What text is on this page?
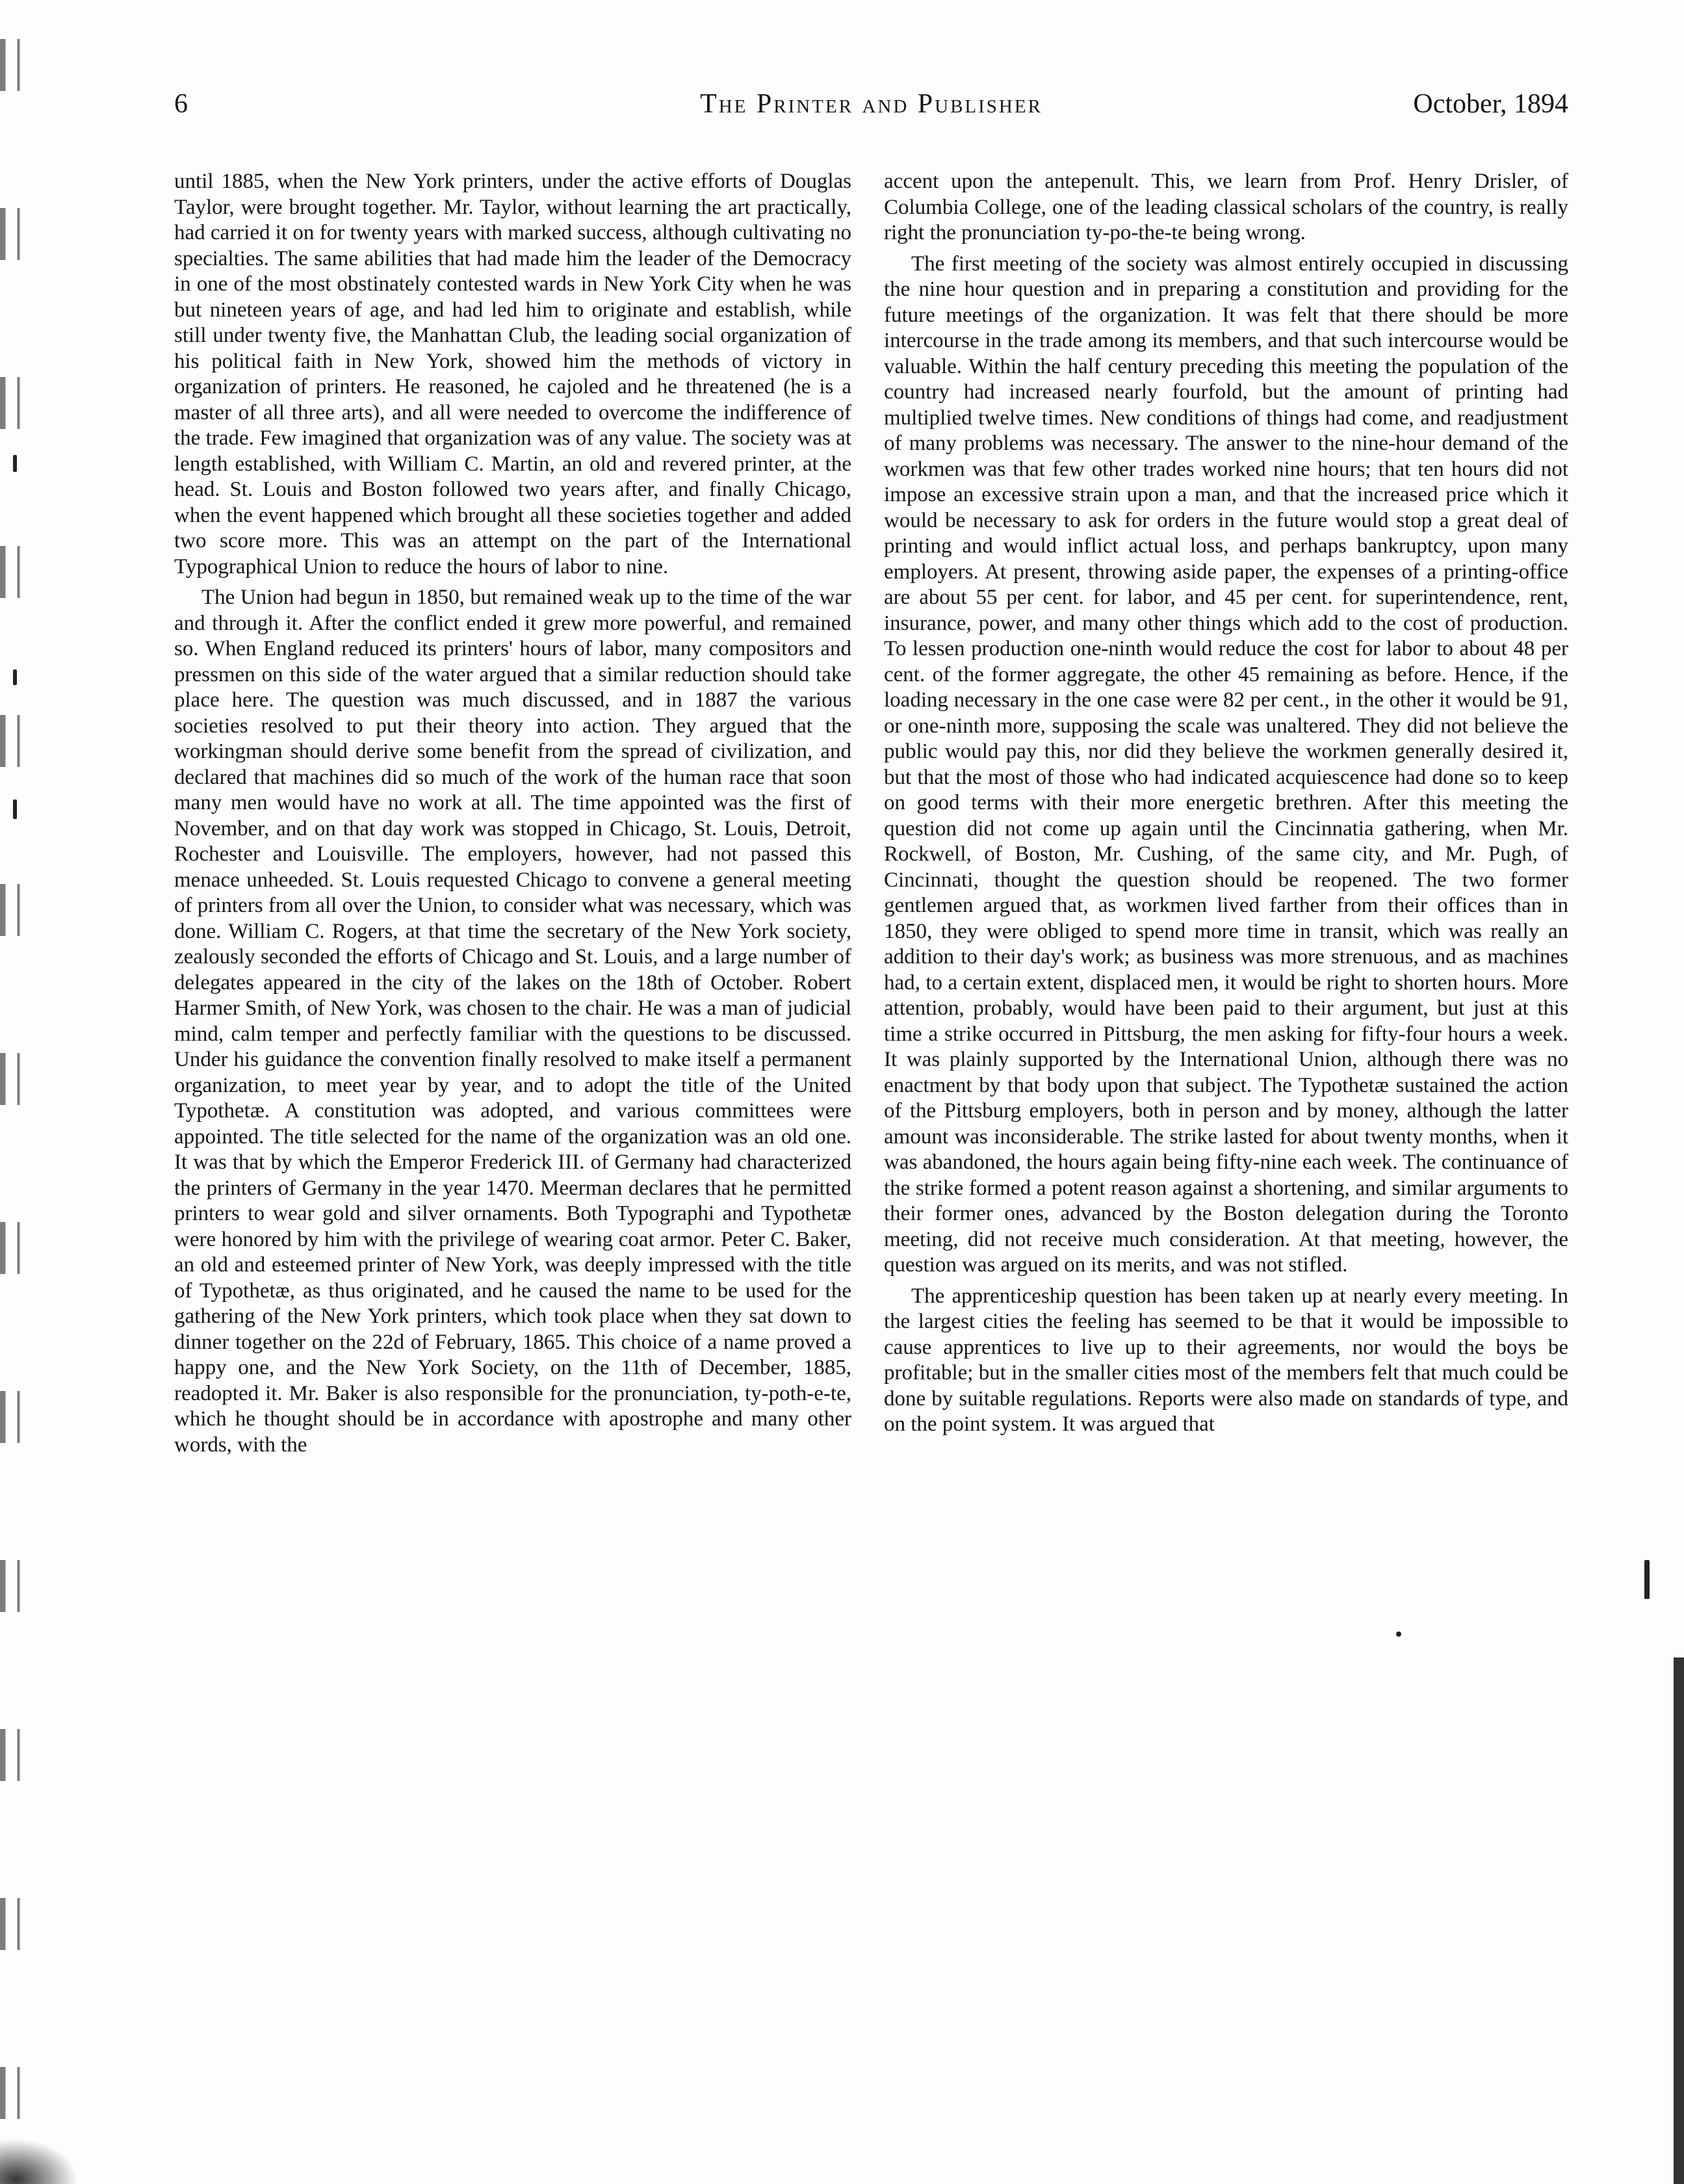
6	The Printer and Publisher	October, 1894

until 1885, when the New York printers, under the active efforts of Douglas Taylor, were brought together. Mr. Taylor, without learning the art practically, had carried it on for twenty years with marked success, although cultivating no specialties. The same abilities that had made him the leader of the Democracy in one of the most obstinately contested wards in New York City when he was but nineteen years of age, and had led him to originate and establish, while still under twenty five, the Manhattan Club, the leading social organization of his political faith in New York, showed him the methods of victory in organization of printers. He reasoned, he cajoled and he threatened (he is a master of all three arts), and all were needed to overcome the indifference of the trade. Few imagined that organization was of any value. The society was at length established, with William C. Martin, an old and revered printer, at the head. St. Louis and Boston followed two years after, and finally Chicago, when the event happened which brought all these societies together and added two score more. This was an attempt on the part of the International Typographical Union to reduce the hours of labor to nine.

The Union had begun in 1850, but remained weak up to the time of the war and through it. After the conflict ended it grew more powerful, and remained so. When England reduced its printers' hours of labor, many compositors and pressmen on this side of the water argued that a similar reduction should take place here. The question was much discussed, and in 1887 the various societies resolved to put their theory into action. They argued that the workingman should derive some benefit from the spread of civilization, and declared that machines did so much of the work of the human race that soon many men would have no work at all. The time appointed was the first of November, and on that day work was stopped in Chicago, St. Louis, Detroit, Rochester and Louisville. The employers, however, had not passed this menace unheeded. St. Louis requested Chicago to convene a general meeting of printers from all over the Union, to consider what was necessary, which was done. William C. Rogers, at that time the secretary of the New York society, zealously seconded the efforts of Chicago and St. Louis, and a large number of delegates appeared in the city of the lakes on the 18th of October. Robert Harmer Smith, of New York, was chosen to the chair. He was a man of judicial mind, calm temper and perfectly familiar with the questions to be discussed. Under his guidance the convention finally resolved to make itself a permanent organization, to meet year by year, and to adopt the title of the United Typothetæ. A constitution was adopted, and various committees were appointed. The title selected for the name of the organization was an old one. It was that by which the Emperor Frederick III. of Germany had characterized the printers of Germany in the year 1470. Meerman declares that he permitted printers to wear gold and silver ornaments. Both Typographi and Typothetæ were honored by him with the privilege of wearing coat armor. Peter C. Baker, an old and esteemed printer of New York, was deeply impressed with the title of Typothetæ, as thus originated, and he caused the name to be used for the gathering of the New York printers, which took place when they sat down to dinner together on the 22d of February, 1865. This choice of a name proved a happy one, and the New York Society, on the 11th of December, 1885, readopted it. Mr. Baker is also responsible for the pronunciation, ty-poth-e-te, which he thought should be in accordance with apostrophe and many other words, with the

accent upon the antepenult. This, we learn from Prof. Henry Drisler, of Columbia College, one of the leading classical scholars of the country, is really right the pronunciation ty-po-the-te being wrong.

The first meeting of the society was almost entirely occupied in discussing the nine hour question and in preparing a constitution and providing for the future meetings of the organization. It was felt that there should be more intercourse in the trade among its members, and that such intercourse would be valuable. Within the half century preceding this meeting the population of the country had increased nearly fourfold, but the amount of printing had multiplied twelve times. New conditions of things had come, and readjustment of many problems was necessary. The answer to the nine-hour demand of the workmen was that few other trades worked nine hours; that ten hours did not impose an excessive strain upon a man, and that the increased price which it would be necessary to ask for orders in the future would stop a great deal of printing and would inflict actual loss, and perhaps bankruptcy, upon many employers. At present, throwing aside paper, the expenses of a printing-office are about 55 per cent. for labor, and 45 per cent. for superintendence, rent, insurance, power, and many other things which add to the cost of production. To lessen production one-ninth would reduce the cost for labor to about 48 per cent. of the former aggregate, the other 45 remaining as before. Hence, if the loading necessary in the one case were 82 per cent., in the other it would be 91, or one-ninth more, supposing the scale was unaltered. They did not believe the public would pay this, nor did they believe the workmen generally desired it, but that the most of those who had indicated acquiescence had done so to keep on good terms with their more energetic brethren. After this meeting the question did not come up again until the Cincinnatia gathering, when Mr. Rockwell, of Boston, Mr. Cushing, of the same city, and Mr. Pugh, of Cincinnati, thought the question should be reopened. The two former gentlemen argued that, as workmen lived farther from their offices than in 1850, they were obliged to spend more time in transit, which was really an addition to their day's work; as business was more strenuous, and as machines had, to a certain extent, displaced men, it would be right to shorten hours. More attention, probably, would have been paid to their argument, but just at this time a strike occurred in Pittsburg, the men asking for fifty-four hours a week. It was plainly supported by the International Union, although there was no enactment by that body upon that subject. The Typothetæ sustained the action of the Pittsburg employers, both in person and by money, although the latter amount was inconsiderable. The strike lasted for about twenty months, when it was abandoned, the hours again being fifty-nine each week. The continuance of the strike formed a potent reason against a shortening, and similar arguments to their former ones, advanced by the Boston delegation during the Toronto meeting, did not receive much consideration. At that meeting, however, the question was argued on its merits, and was not stifled.

The apprenticeship question has been taken up at nearly every meeting. In the largest cities the feeling has seemed to be that it would be impossible to cause apprentices to live up to their agreements, nor would the boys be profitable; but in the smaller cities most of the members felt that much could be done by suitable regulations. Reports were also made on standards of type, and on the point system. It was argued that
